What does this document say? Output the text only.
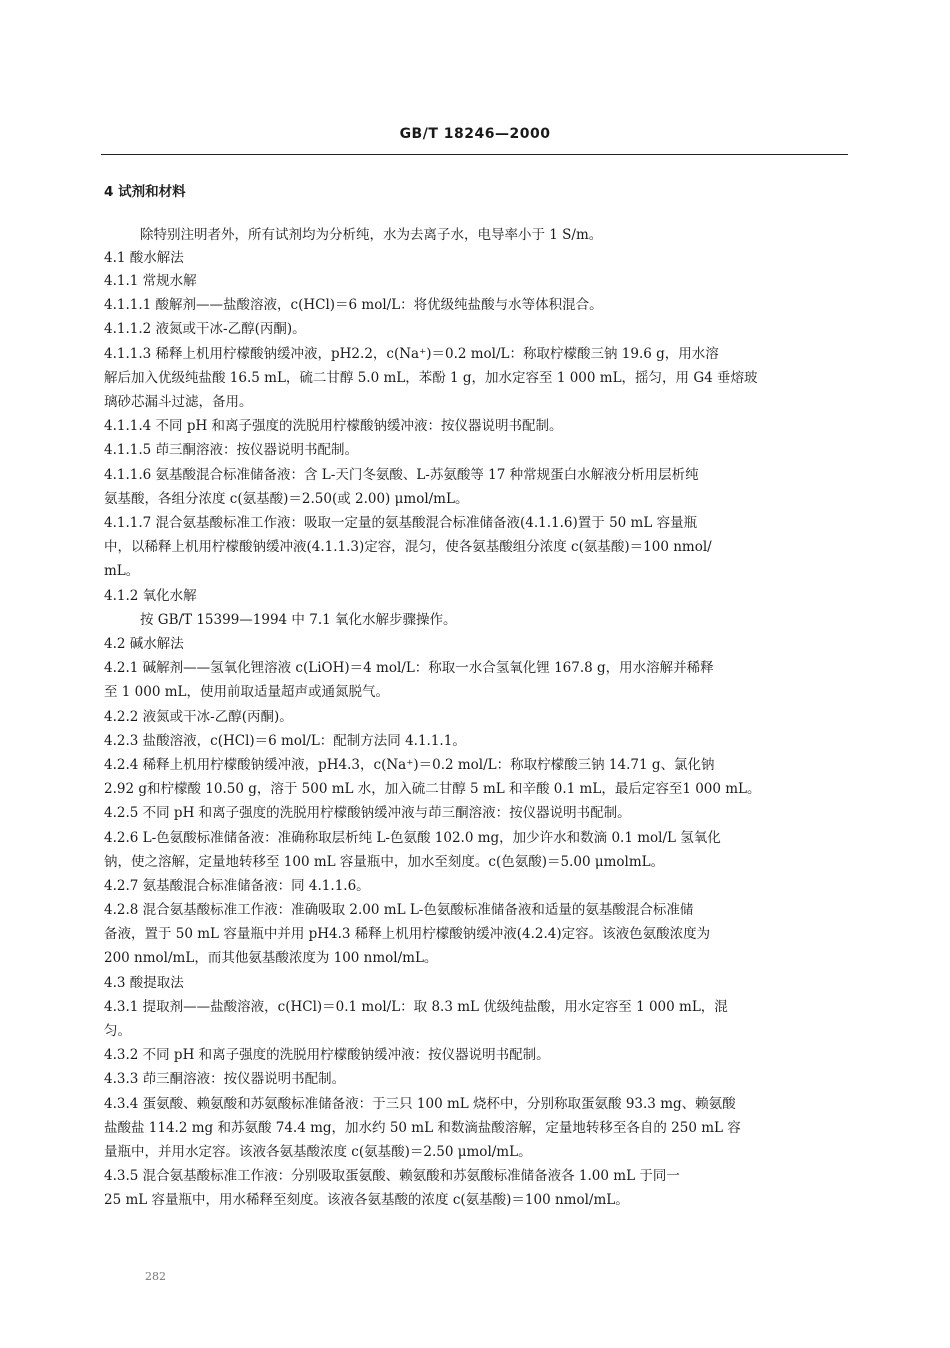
GB/T 18246—2000
4 试剂和材料
除特别注明者外，所有试剂均为分析纯，水为去离子水，电导率小于 1 S/m。
4.1 酸水解法
4.1.1 常规水解
4.1.1.1 酸解剂——盐酸溶液，c(HCl)＝6 mol/L：将优级纯盐酸与水等体积混合。
4.1.1.2 液氮或干冰-乙醇(丙酮)。
4.1.1.3 稀释上机用柠檬酸钠缓冲液，pH2.2，c(Na⁺)＝0.2 mol/L：称取柠檬酸三钠 19.6 g，用水溶
解后加入优级纯盐酸 16.5 mL，硫二甘醇 5.0 mL，苯酚 1 g，加水定容至 1 000 mL，摇匀，用 G4 垂熔玻
璃砂芯漏斗过滤，备用。
4.1.1.4 不同 pH 和离子强度的洗脱用柠檬酸钠缓冲液：按仪器说明书配制。
4.1.1.5 茚三酮溶液：按仪器说明书配制。
4.1.1.6 氨基酸混合标准储备液：含 L-天门冬氨酸、L-苏氨酸等 17 种常规蛋白水解液分析用层析纯
氨基酸，各组分浓度 c(氨基酸)＝2.50(或 2.00) μmol/mL。
4.1.1.7 混合氨基酸标准工作液：吸取一定量的氨基酸混合标准储备液(4.1.1.6)置于 50 mL 容量瓶
中，以稀释上机用柠檬酸钠缓冲液(4.1.1.3)定容，混匀，使各氨基酸组分浓度 c(氨基酸)＝100 nmol/
mL。
4.1.2 氧化水解
按 GB/T 15399—1994 中 7.1 氧化水解步骤操作。
4.2 碱水解法
4.2.1 碱解剂——氢氧化锂溶液 c(LiOH)＝4 mol/L：称取一水合氢氧化锂 167.8 g，用水溶解并稀释
至 1 000 mL，使用前取适量超声或通氮脱气。
4.2.2 液氮或干冰-乙醇(丙酮)。
4.2.3 盐酸溶液，c(HCl)＝6 mol/L：配制方法同 4.1.1.1。
4.2.4 稀释上机用柠檬酸钠缓冲液，pH4.3，c(Na⁺)＝0.2 mol/L：称取柠檬酸三钠 14.71 g、氯化钠
2.92 g和柠檬酸 10.50 g，溶于 500 mL 水，加入硫二甘醇 5 mL 和辛酸 0.1 mL，最后定容至1 000 mL。
4.2.5 不同 pH 和离子强度的洗脱用柠檬酸钠缓冲液与茚三酮溶液：按仪器说明书配制。
4.2.6 L-色氨酸标准储备液：准确称取层析纯 L-色氨酸 102.0 mg，加少许水和数滴 0.1 mol/L 氢氧化
钠，使之溶解，定量地转移至 100 mL 容量瓶中，加水至刻度。c(色氨酸)＝5.00 μmolmL。
4.2.7 氨基酸混合标准储备液：同 4.1.1.6。
4.2.8 混合氨基酸标准工作液：准确吸取 2.00 mL L-色氨酸标准储备液和适量的氨基酸混合标准储
备液，置于 50 mL 容量瓶中并用 pH4.3 稀释上机用柠檬酸钠缓冲液(4.2.4)定容。该液色氨酸浓度为
200 nmol/mL，而其他氨基酸浓度为 100 nmol/mL。
4.3 酸提取法
4.3.1 提取剂——盐酸溶液，c(HCl)＝0.1 mol/L：取 8.3 mL 优级纯盐酸，用水定容至 1 000 mL，混
匀。
4.3.2 不同 pH 和离子强度的洗脱用柠檬酸钠缓冲液：按仪器说明书配制。
4.3.3 茚三酮溶液：按仪器说明书配制。
4.3.4 蛋氨酸、赖氨酸和苏氨酸标准储备液：于三只 100 mL 烧杯中，分别称取蛋氨酸 93.3 mg、赖氨酸
盐酸盐 114.2 mg 和苏氨酸 74.4 mg，加水约 50 mL 和数滴盐酸溶解，定量地转移至各自的 250 mL 容
量瓶中，并用水定容。该液各氨基酸浓度 c(氨基酸)＝2.50 μmol/mL。
4.3.5 混合氨基酸标准工作液：分别吸取蛋氨酸、赖氨酸和苏氨酸标准储备液各 1.00 mL 于同一
25 mL 容量瓶中，用水稀释至刻度。该液各氨基酸的浓度 c(氨基酸)＝100 nmol/mL。
282
